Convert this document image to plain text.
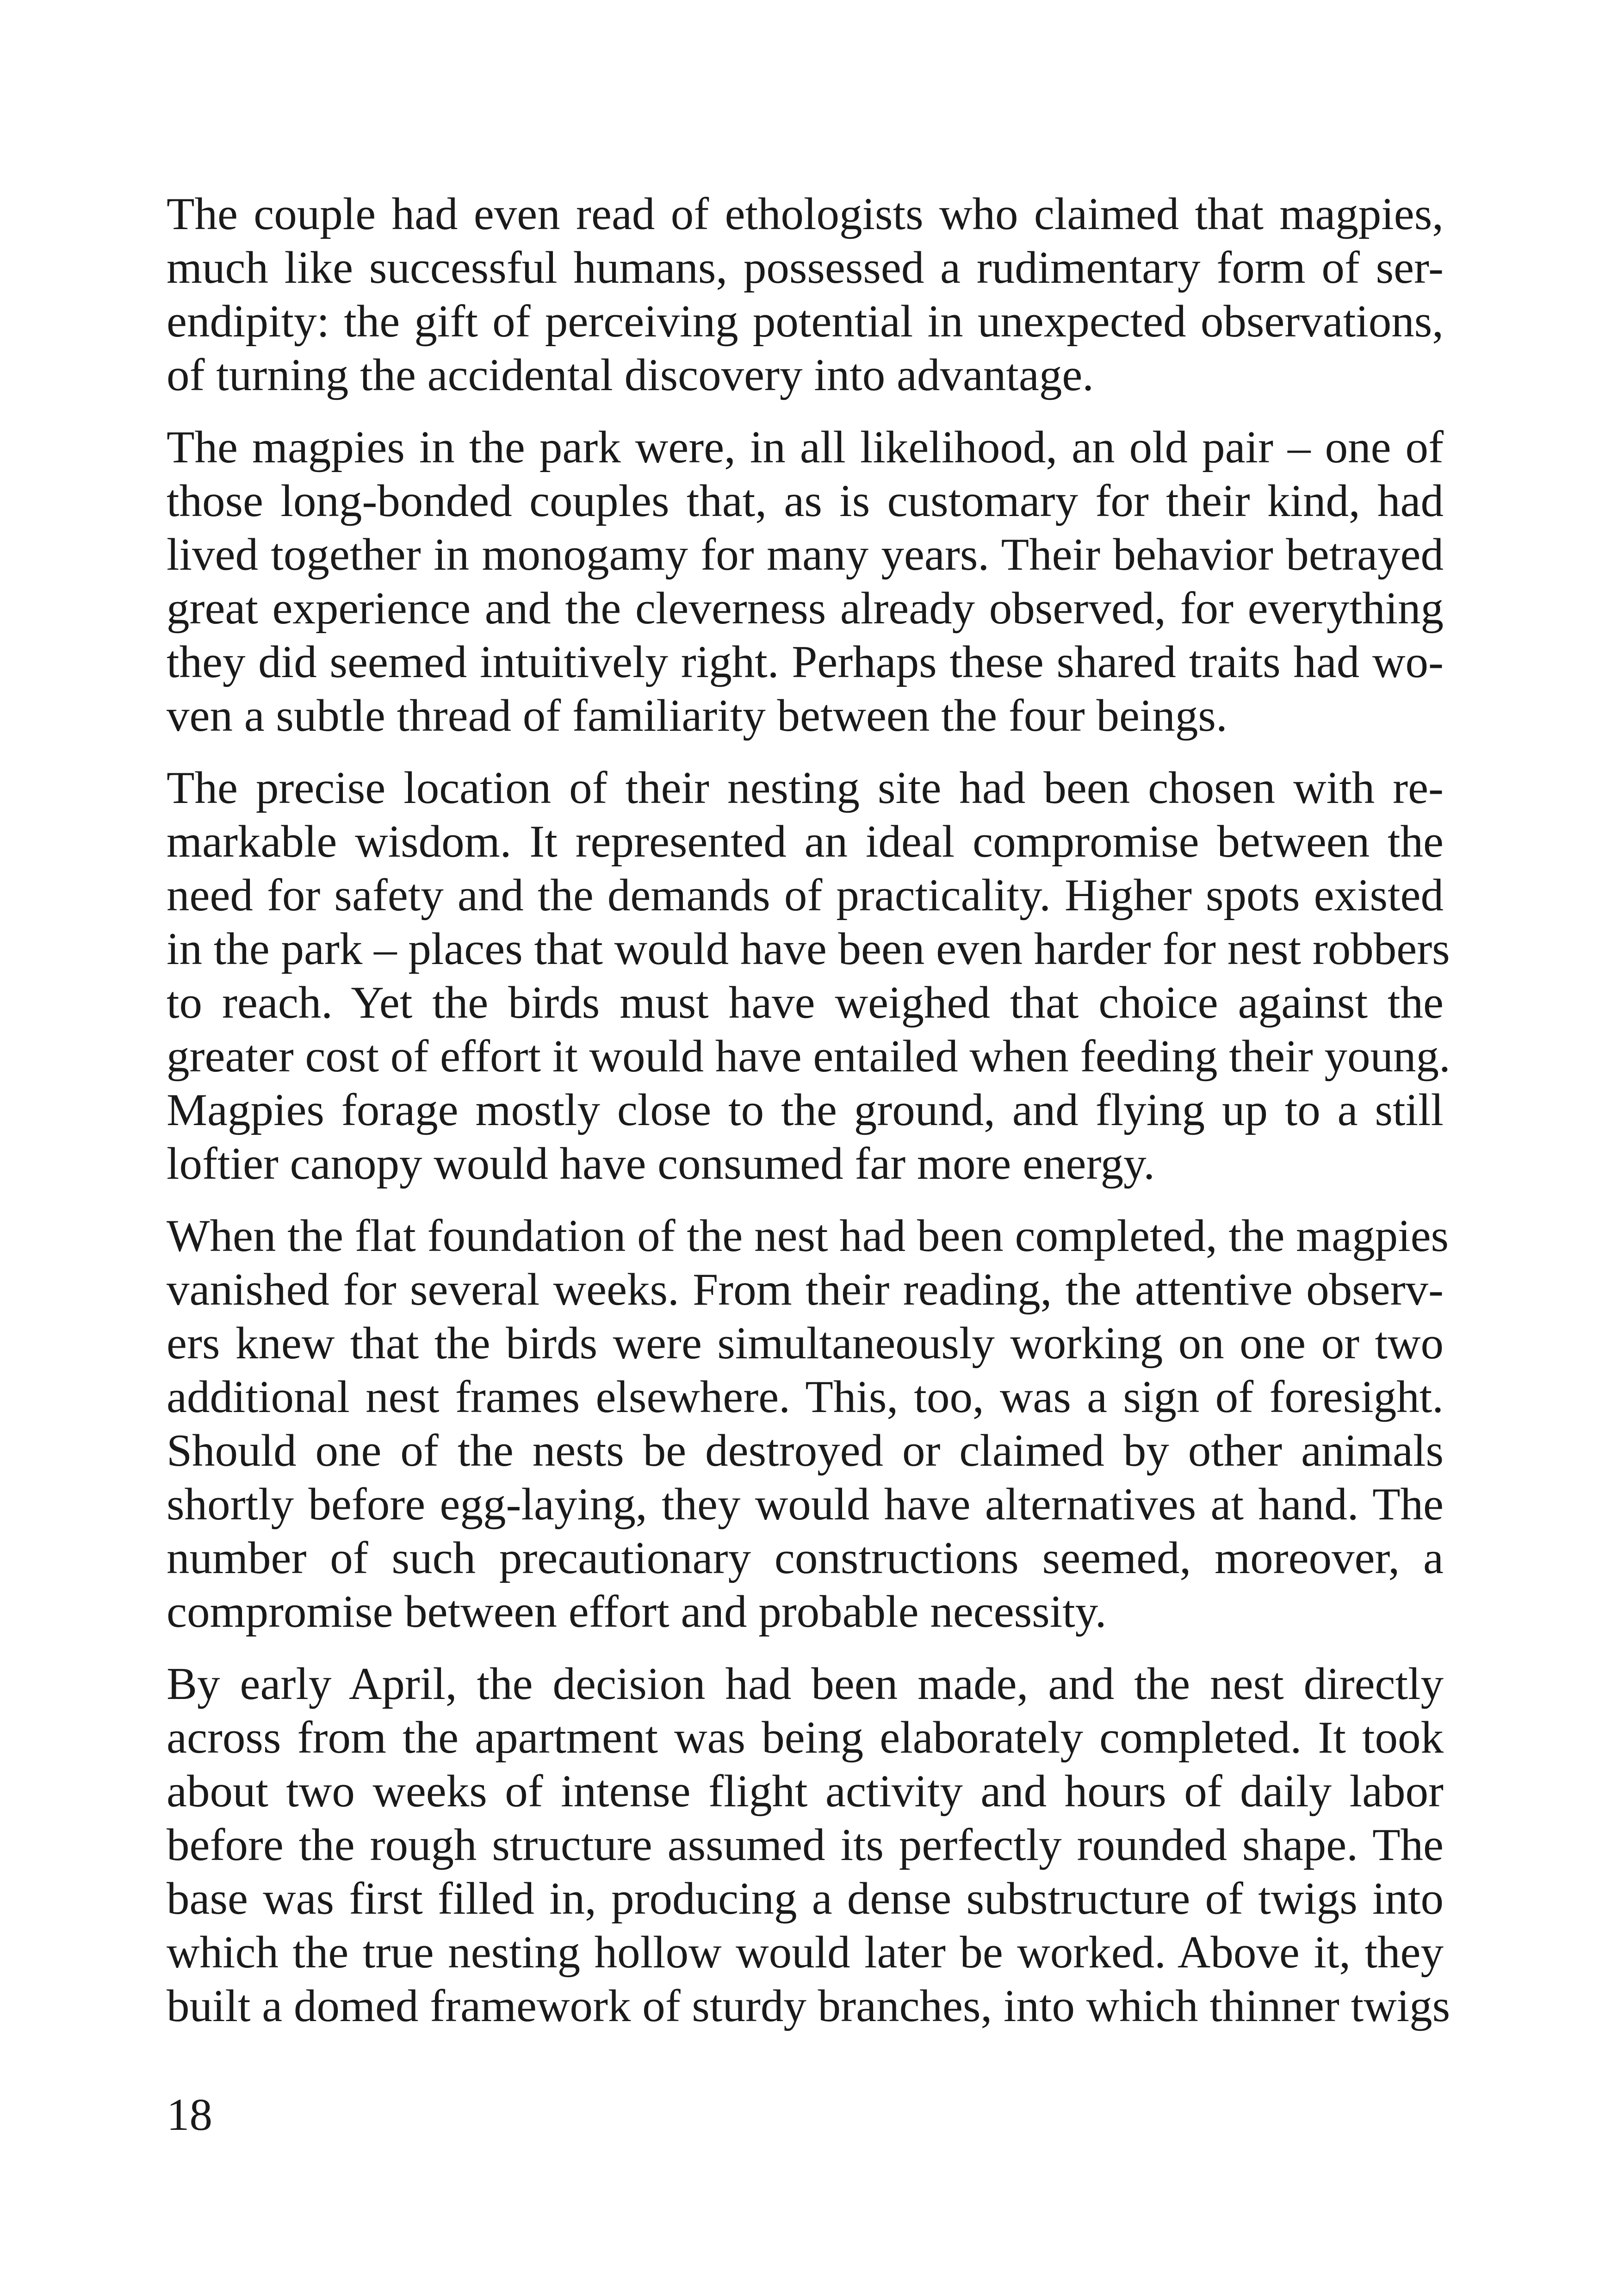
The couple had even read of ethologists who claimed that magpies,
much like successful humans, possessed a rudimentary form of ser-
endipity: the gift of perceiving potential in unexpected observations,
of turning the accidental discovery into advantage.
The magpies in the park were, in all likelihood, an old pair – one of
those long-bonded couples that, as is customary for their kind, had
lived together in monogamy for many years. Their behavior betrayed
great experience and the cleverness already observed, for everything
they did seemed intuitively right. Perhaps these shared traits had wo-
ven a subtle thread of familiarity between the four beings.
The precise location of their nesting site had been chosen with re-
markable wisdom. It represented an ideal compromise between the
need for safety and the demands of practicality. Higher spots existed
in the park – places that would have been even harder for nest robbers
to reach. Yet the birds must have weighed that choice against the
greater cost of effort it would have entailed when feeding their young.
Magpies forage mostly close to the ground, and flying up to a still
loftier canopy would have consumed far more energy.
When the flat foundation of the nest had been completed, the magpies
vanished for several weeks. From their reading, the attentive observ-
ers knew that the birds were simultaneously working on one or two
additional nest frames elsewhere. This, too, was a sign of foresight.
Should one of the nests be destroyed or claimed by other animals
shortly before egg-laying, they would have alternatives at hand. The
number of such precautionary constructions seemed, moreover, a
compromise between effort and probable necessity.
By early April, the decision had been made, and the nest directly
across from the apartment was being elaborately completed. It took
about two weeks of intense flight activity and hours of daily labor
before the rough structure assumed its perfectly rounded shape. The
base was first filled in, producing a dense substructure of twigs into
which the true nesting hollow would later be worked. Above it, they
built a domed framework of sturdy branches, into which thinner twigs
18
